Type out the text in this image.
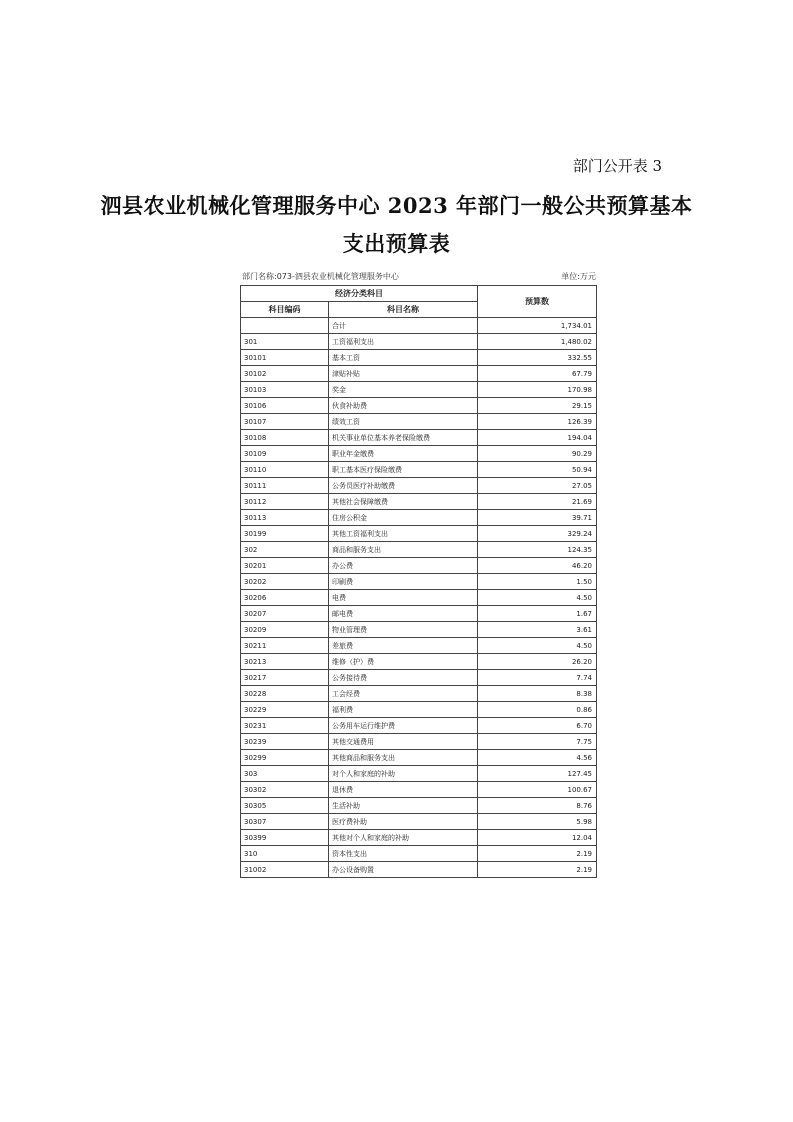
部门公开表 3
泗县农业机械化管理服务中心 2023 年部门一般公共预算基本
支出预算表
部门名称:073-泗县农业机械化管理服务中心	单位:万元
经济分类科目		预算数
科目编码	科目名称	
	合计	1,734.01
301	工资福利支出	1,480.02
30101	基本工资	332.55
30102	津贴补贴	67.79
30103	奖金	170.98
30106	伙食补助费	29.15
30107	绩效工资	126.39
30108	机关事业单位基本养老保险缴费	194.04
30109	职业年金缴费	90.29
30110	职工基本医疗保险缴费	50.94
30111	公务员医疗补助缴费	27.05
30112	其他社会保障缴费	21.69
30113	住房公积金	39.71
30199	其他工资福利支出	329.24
302	商品和服务支出	124.35
30201	办公费	46.20
30202	印刷费	1.50
30206	电费	4.50
30207	邮电费	1.67
30209	物业管理费	3.61
30211	差旅费	4.50
30213	维修（护）费	26.20
30217	公务接待费	7.74
30228	工会经费	8.38
30229	福利费	0.86
30231	公务用车运行维护费	6.70
30239	其他交通费用	7.75
30299	其他商品和服务支出	4.56
303	对个人和家庭的补助	127.45
30302	退休费	100.67
30305	生活补助	8.76
30307	医疗费补助	5.98
30399	其他对个人和家庭的补助	12.04
310	资本性支出	2.19
31002	办公设备购置	2.19
